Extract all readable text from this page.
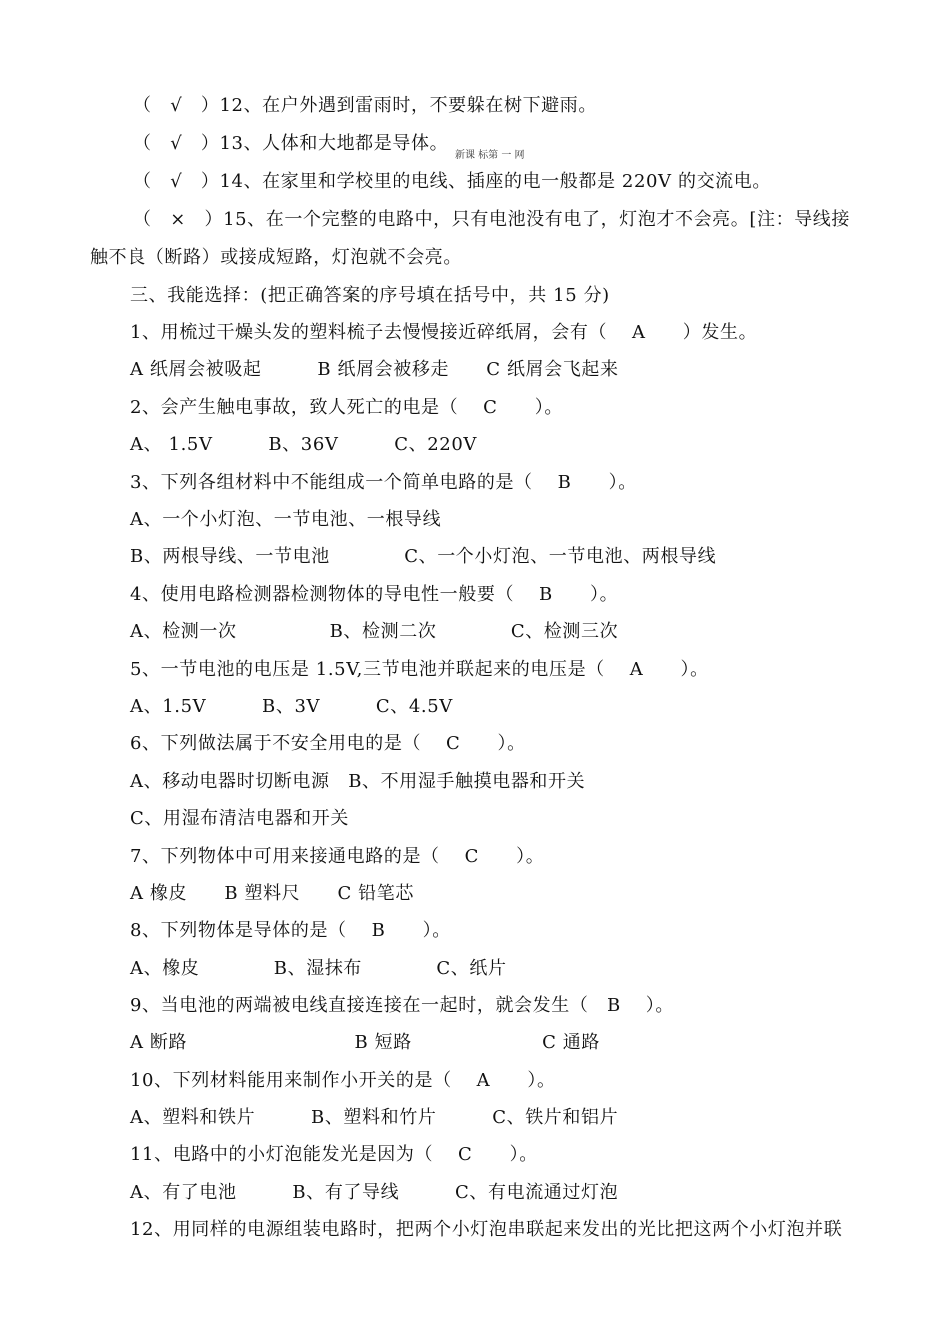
（　√　）12、在户外遇到雷雨时，不要躲在树下避雨。
（　√　）13、人体和大地都是导体。
新课 标第 一 网
（　√　）14、在家里和学校里的电线、插座的电一般都是 220V 的交流电。
（　×　）15、在一个完整的电路中，只有电池没有电了，灯泡才不会亮。[注：导线接
触不良（断路）或接成短路，灯泡就不会亮。
三、我能选择：(把正确答案的序号填在括号中，共 15 分)
1、用梳过干燥头发的塑料梳子去慢慢接近碎纸屑，会有（　 A　　）发生。
A 纸屑会被吸起　　　B 纸屑会被移走　　C 纸屑会飞起来
2、会产生触电事故，致人死亡的电是（　 C　　）。
A、 1.5V　　　B、36V　　　C、220V
3、下列各组材料中不能组成一个简单电路的是（　 B　　）。
A、一个小灯泡、一节电池、一根导线
B、两根导线、一节电池　　　　C、一个小灯泡、一节电池、两根导线
4、使用电路检测器检测物体的导电性一般要（　 B　　）。
A、检测一次　　　　　B、检测二次　　　　C、检测三次
5、一节电池的电压是 1.5V,三节电池并联起来的电压是（　 A　　）。
A、1.5V　　　B、3V　　　C、4.5V
6、下列做法属于不安全用电的是（　 C　　）。
A、移动电器时切断电源　B、不用湿手触摸电器和开关
C、用湿布清洁电器和开关
7、下列物体中可用来接通电路的是（　 C　　）。
A 橡皮　　B 塑料尺　　C 铅笔芯
8、下列物体是导体的是（　 B　　）。
A、橡皮　　　　B、湿抹布　　　　C、纸片
9、当电池的两端被电线直接连接在一起时，就会发生（　B　 ）。
A 断路　　　　　　　　　B 短路　　　　　　　C 通路
10、下列材料能用来制作小开关的是（　 A　　）。
A、塑料和铁片　　　B、塑料和竹片　　　C、铁片和铝片
11、电路中的小灯泡能发光是因为（　 C　　）。
A、有了电池　　　B、有了导线　　　C、有电流通过灯泡
12、用同样的电源组装电路时，把两个小灯泡串联起来发出的光比把这两个小灯泡并联
